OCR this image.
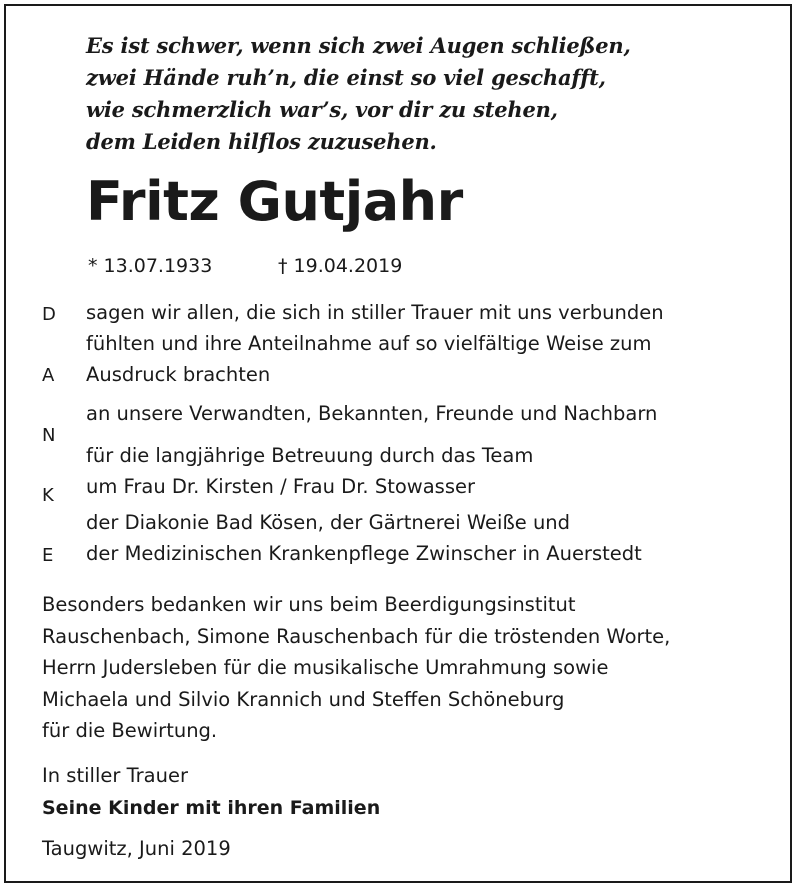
Es ist schwer, wenn sich zwei Augen schließen,
zwei Hände ruh’n, die einst so viel geschafft,
wie schmerzlich war’s, vor dir zu stehen,
dem Leiden hilflos zuzusehen.
Fritz Gutjahr
* 13.07.1933	† 19.04.2019
D
A
N
K
E
sagen wir allen, die sich in stiller Trauer mit uns verbunden
fühlten und ihre Anteilnahme auf so vielfältige Weise zum
Ausdruck brachten
an unsere Verwandten, Bekannten, Freunde und Nachbarn
für die langjährige Betreuung durch das Team
um Frau Dr. Kirsten / Frau Dr. Stowasser
der Diakonie Bad Kösen, der Gärtnerei Weiße und
der Medizinischen Krankenpflege Zwinscher in Auerstedt
Besonders bedanken wir uns beim Beerdigungsinstitut
Rauschenbach, Simone Rauschenbach für die tröstenden Worte,
Herrn Judersleben für die musikalische Umrahmung sowie
Michaela und Silvio Krannich und Steffen Schöneburg
für die Bewirtung.
In stiller Trauer
Seine Kinder mit ihren Familien
Taugwitz, Juni 2019
